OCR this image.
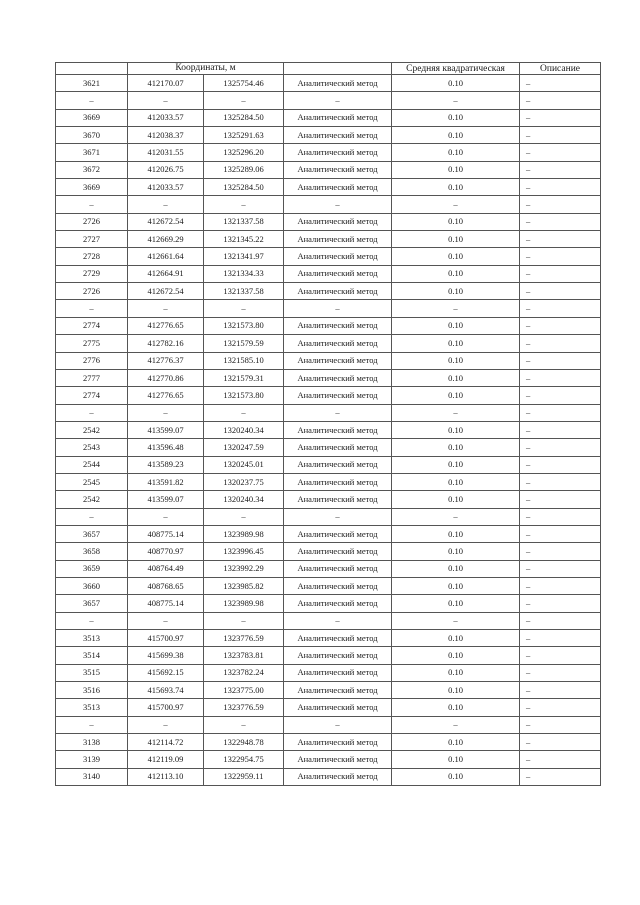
	Координаты, м			Средняя квадратическая	Описание
3621	412170.07	1325754.46	Аналитический метод	0.10	–
–	–	–	–	–	–
3669	412033.57	1325284.50	Аналитический метод	0.10	–
3670	412038.37	1325291.63	Аналитический метод	0.10	–
3671	412031.55	1325296.20	Аналитический метод	0.10	–
3672	412026.75	1325289.06	Аналитический метод	0.10	–
3669	412033.57	1325284.50	Аналитический метод	0.10	–
–	–	–	–	–	–
2726	412672.54	1321337.58	Аналитический метод	0.10	–
2727	412669.29	1321345.22	Аналитический метод	0.10	–
2728	412661.64	1321341.97	Аналитический метод	0.10	–
2729	412664.91	1321334.33	Аналитический метод	0.10	–
2726	412672.54	1321337.58	Аналитический метод	0.10	–
–	–	–	–	–	–
2774	412776.65	1321573.80	Аналитический метод	0.10	–
2775	412782.16	1321579.59	Аналитический метод	0.10	–
2776	412776.37	1321585.10	Аналитический метод	0.10	–
2777	412770.86	1321579.31	Аналитический метод	0.10	–
2774	412776.65	1321573.80	Аналитический метод	0.10	–
–	–	–	–	–	–
2542	413599.07	1320240.34	Аналитический метод	0.10	–
2543	413596.48	1320247.59	Аналитический метод	0.10	–
2544	413589.23	1320245.01	Аналитический метод	0.10	–
2545	413591.82	1320237.75	Аналитический метод	0.10	–
2542	413599.07	1320240.34	Аналитический метод	0.10	–
–	–	–	–	–	–
3657	408775.14	1323989.98	Аналитический метод	0.10	–
3658	408770.97	1323996.45	Аналитический метод	0.10	–
3659	408764.49	1323992.29	Аналитический метод	0.10	–
3660	408768.65	1323985.82	Аналитический метод	0.10	–
3657	408775.14	1323989.98	Аналитический метод	0.10	–
–	–	–	–	–	–
3513	415700.97	1323776.59	Аналитический метод	0.10	–
3514	415699.38	1323783.81	Аналитический метод	0.10	–
3515	415692.15	1323782.24	Аналитический метод	0.10	–
3516	415693.74	1323775.00	Аналитический метод	0.10	–
3513	415700.97	1323776.59	Аналитический метод	0.10	–
–	–	–	–	–	–
3138	412114.72	1322948.78	Аналитический метод	0.10	–
3139	412119.09	1322954.75	Аналитический метод	0.10	–
3140	412113.10	1322959.11	Аналитический метод	0.10	–
